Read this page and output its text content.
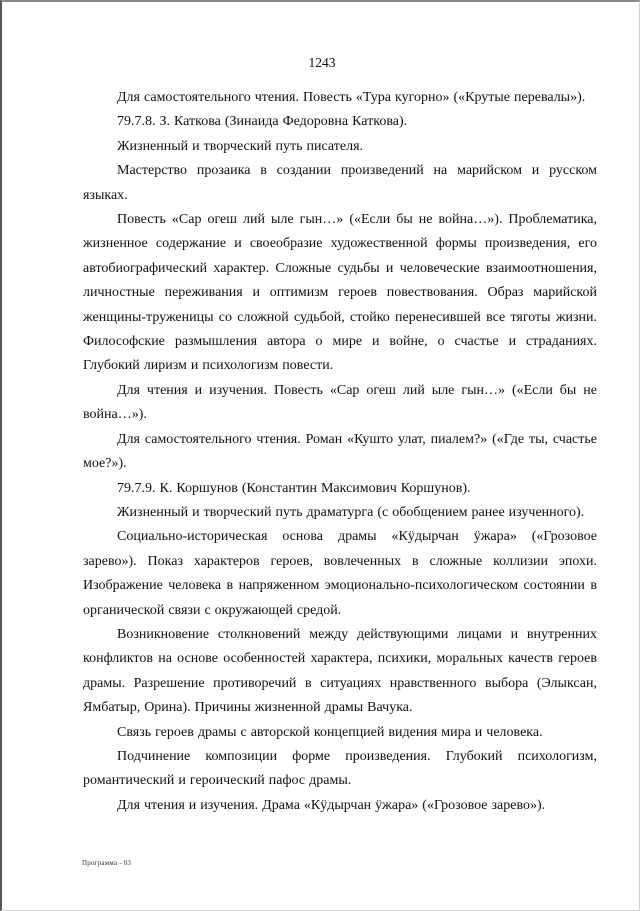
1243

Для самостоятельного чтения. Повесть «Тура кугорно» («Крутые перевалы»).

79.7.8. З. Каткова (Зинаида Федоровна Каткова).

Жизненный и творческий путь писателя.

Мастерство прозаика в создании произведений на марийском и русском языках.

Повесть «Сар огеш лий ыле гын…» («Если бы не война…»). Проблематика, жизненное содержание и своеобразие художественной формы произведения, его автобиографический характер. Сложные судьбы и человеческие взаимоотношения, личностные переживания и оптимизм героев повествования. Образ марийской женщины-труженицы со сложной судьбой, стойко перенесившей все тяготы жизни. Философские размышления автора о мире и войне, о счастье и страданиях. Глубокий лиризм и психологизм повести.

Для чтения и изучения. Повесть «Сар огеш лий ыле гын…» («Если бы не война…»).

Для самостоятельного чтения. Роман «Кушто улат, пиалем?» («Где ты, счастье мое?»).

79.7.9. К. Коршунов (Константин Максимович Коршунов).

Жизненный и творческий путь драматурга (с обобщением ранее изученного).

Социально-историческая основа драмы «Кӱдырчан ӱжара» («Грозовое зарево»). Показ характеров героев, вовлеченных в сложные коллизии эпохи. Изображение человека в напряженном эмоционально-психологическом состоянии в органической связи с окружающей средой.

Возникновение столкновений между действующими лицами и внутренних конфликтов на основе особенностей характера, психики, моральных качеств героев драмы. Разрешение противоречий в ситуациях нравственного выбора (Элыксан, Ямбатыр, Орина). Причины жизненной драмы Вачука.

Связь героев драмы с авторской концепцией видения мира и человека.

Подчинение композиции форме произведения. Глубокий психологизм, романтический и героический пафос драмы.

Для чтения и изучения. Драма «Кӱдырчан ӱжара» («Грозовое зарево»).

Программа - 03
